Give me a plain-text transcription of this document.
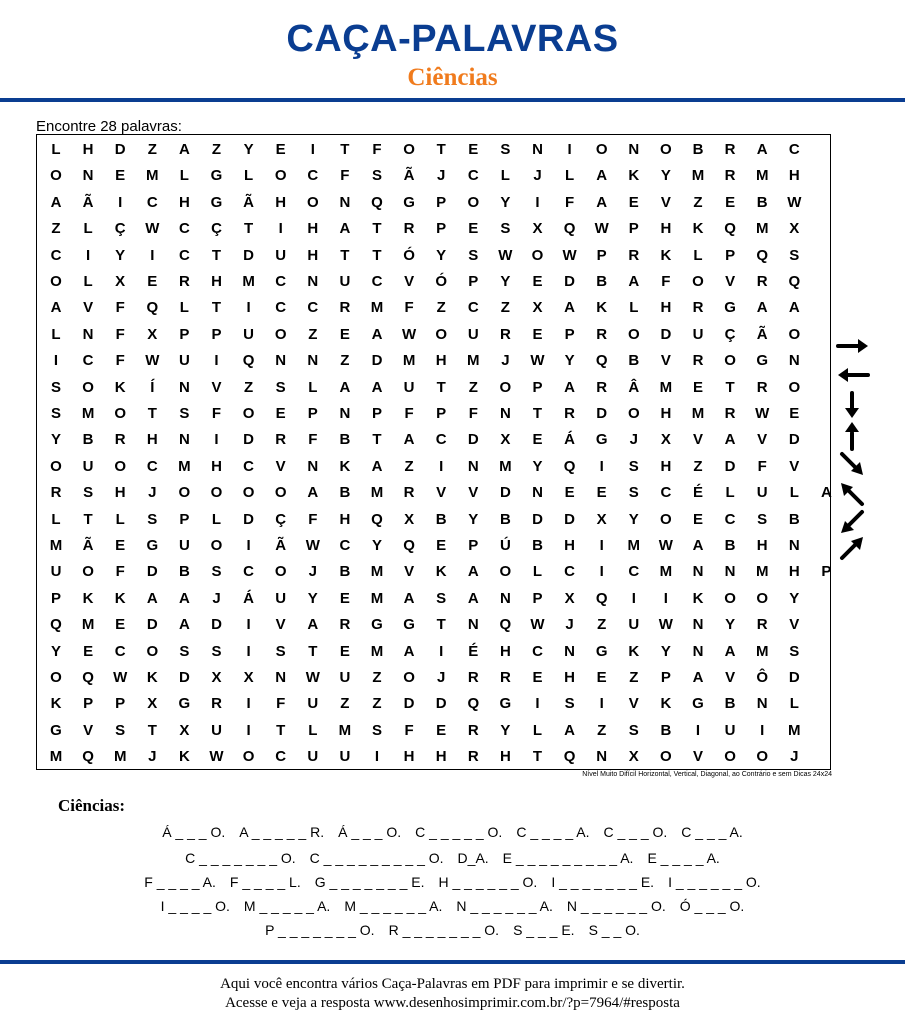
CAÇA-PALAVRAS
Ciências
Encontre 28 palavras:
L	H	D	Z	A	Z	Y	E	I	T	F	O	T	E	S	N	I	O	N	O	B	R	A	C
O	N	E	M	L	G	L	O	C	F	S	Ã	J	C	L	J	L	A	K	Y	M	R	M	H
A	Ã	I	C	H	G	Ã	H	O	N	Q	G	P	O	Y	I	F	A	E	V	Z	E	B	W
Z	L	Ç	W	C	Ç	T	I	H	A	T	R	P	E	S	X	Q	W	P	H	K	Q	M	X
C	I	Y	I	C	T	D	U	H	T	T	Ó	Y	S	W	O	W	P	R	K	L	P	Q	S
O	L	X	E	R	H	M	C	N	U	C	V	Ó	P	Y	E	D	B	A	F	O	V	R	Q
A	V	F	Q	L	T	I	C	C	R	M	F	Z	C	Z	X	A	K	L	H	R	G	A	A
L	N	F	X	P	P	U	O	Z	E	A	W	O	U	R	E	P	R	O	D	U	Ç	Ã	O
I	C	F	W	U	I	Q	N	N	Z	D	M	H	M	J	W	Y	Q	B	V	R	O	G	N
S	O	K	Í	N	V	Z	S	L	A	A	U	T	Z	O	P	A	R	Â	M	E	T	R	O
S	M	O	T	S	F	O	E	P	N	P	F	P	F	N	T	R	D	O	H	M	R	W	E
Y	B	R	H	N	I	D	R	F	B	T	A	C	D	X	E	Á	G	J	X	V	A	V	D
O	U	O	C	M	H	C	V	N	K	A	Z	I	N	M	Y	Q	I	S	H	Z	D	F	V
R	S	H	J	O	O	O	O	A	B	M	R	V	V	D	N	E	E	S	C	É	L	U	L	A
L	T	L	S	P	L	D	Ç	F	H	Q	X	B	Y	B	D	D	X	Y	O	E	C	S	B
M	Ã	E	G	U	O	I	Ã	W	C	Y	Q	E	P	Ú	B	H	I	M	W	A	B	H	N
U	O	F	D	B	S	C	O	J	B	M	V	K	A	O	L	C	I	C	M	N	N	M	H	P
P	K	K	A	A	J	Á	U	Y	E	M	A	S	A	N	P	X	Q	I	I	K	O	O	Y
Q	M	E	D	A	D	I	V	A	R	G	G	T	N	Q	W	J	Z	U	W	N	Y	R	V
Y	E	C	O	S	S	I	S	T	E	M	A	I	É	H	C	N	G	K	Y	N	A	M	S
O	Q	W	K	D	X	X	N	W	U	Z	O	J	R	R	E	H	E	Z	P	A	V	Ô	D
K	P	P	X	G	R	I	F	U	Z	Z	D	D	Q	G	I	S	I	V	K	G	B	N	L
G	V	S	T	X	U	I	T	L	M	S	F	E	R	Y	L	A	Z	S	B	I	U	I	M
M	Q	M	J	K	W	O	C	U	U	I	H	H	R	H	T	Q	N	X	O	V	O	O	J
Nível Muito Difícil Horizontal, Vertical, Diagonal, ao Contrário e sem Dicas 24x24
Ciências:
Á _ _ _ O. A _ _ _ _ _ R. Á _ _ _ O. C _ _ _ _ _ O. C _ _ _ _ A. C _ _ _ O. C _ _ _ A.
C _ _ _ _ _ _ _ O. C _ _ _ _ _ _ _ _ _ O. D_A. E _ _ _ _ _ _ _ _ _ A. E _ _ _ _ A.
F _ _ _ _ A. F _ _ _ _ L. G _ _ _ _ _ _ _ E. H _ _ _ _ _ _ O. I _ _ _ _ _ _ _ E. I _ _ _ _ _ _ O.
I _ _ _ _ O. M _ _ _ _ _ A. M _ _ _ _ _ _ A. N _ _ _ _ _ _ A. N _ _ _ _ _ _ O. Ó _ _ _ O.
P _ _ _ _ _ _ _ O. R _ _ _ _ _ _ _ O. S _ _ _ E. S _ _ O.
Aqui você encontra vários Caça-Palavras em PDF para imprimir e se divertir.
Acesse e veja a resposta www.desenhosimprimir.com.br/?p=7964/#resposta
